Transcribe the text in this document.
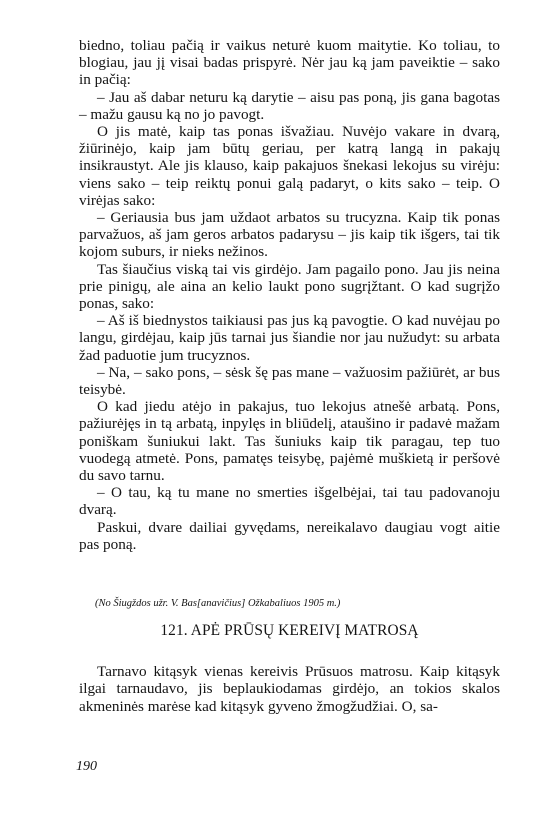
biedno, toliau pačią ir vaikus neturė kuom maitytie. Ko toliau, to blogiau, jau jį visai badas prispyrė. Nėr jau ką jam paveiktie – sako in pačią:

– Jau aš dabar neturu ką darytie – aisu pas poną, jis gana bagotas – mažu gausu ką no jo pavogt.

O jis matė, kaip tas ponas išvažiau. Nuvėjo vakare in dvarą, žiūrinėjo, kaip jam būtų geriau, per katrą langą in pakajų insikraustyt. Ale jis klauso, kaip pakajuos šnekasi lekojus su virėju: viens sako – teip reiktų ponui galą padaryt, o kits sako – teip. O virėjas sako:

– Geriausia bus jam uždaot arbatos su trucyzna. Kaip tik ponas parvažuos, aš jam geros arbatos padarysu – jis kaip tik išgers, tai tik kojom suburs, ir nieks nežinos.

Tas šiaučius viską tai vis girdėjo. Jam pagailo pono. Jau jis neina prie pinigų, ale aina an kelio laukt pono sugrįžtant. O kad sugrįžo ponas, sako:

– Aš iš biednystos taikiausi pas jus ką pavogtie. O kad nuvėjau po langu, girdėjau, kaip jūs tarnai jus šiandie nor jau nužudyt: su arbata žad paduotie jum trucyznos.

– Na, – sako pons, – sėsk šę pas mane – važuosim pažiūrėt, ar bus teisybė.

O kad jiedu atėjo in pakajus, tuo lekojus atnešė arbatą. Pons, pažiurėjęs in tą arbatą, inpylęs in bliūdelį, ataušino ir padavė mažam poniškam šuniukui lakt. Tas šuniuks kaip tik paragau, tep tuo vuodegą atmetė. Pons, pamatęs teisybę, pajėmė muškietą ir peršovė du savo tarnu.

– O tau, ką tu mane no smerties išgelbėjai, tai tau padovanoju dvarą.

Paskui, dvare dailiai gyvędams, nereikalavo daugiau vogt aitie pas poną.

(No Šiugždos užr. V. Bas[anavičius] Ožkabaliuos 1905 m.)
121. APĖ PRŪSŲ KEREIVĮ MATROSĄ

Tarnavo kitąsyk vienas kereivis Prūsuos matrosu. Kaip kitąsyk ilgai tarnaudavo, jis beplaukiodamas girdėjo, an tokios skalos akmeninės marėse kad kitąsyk gyveno žmogžudžiai. O, sa-

190
